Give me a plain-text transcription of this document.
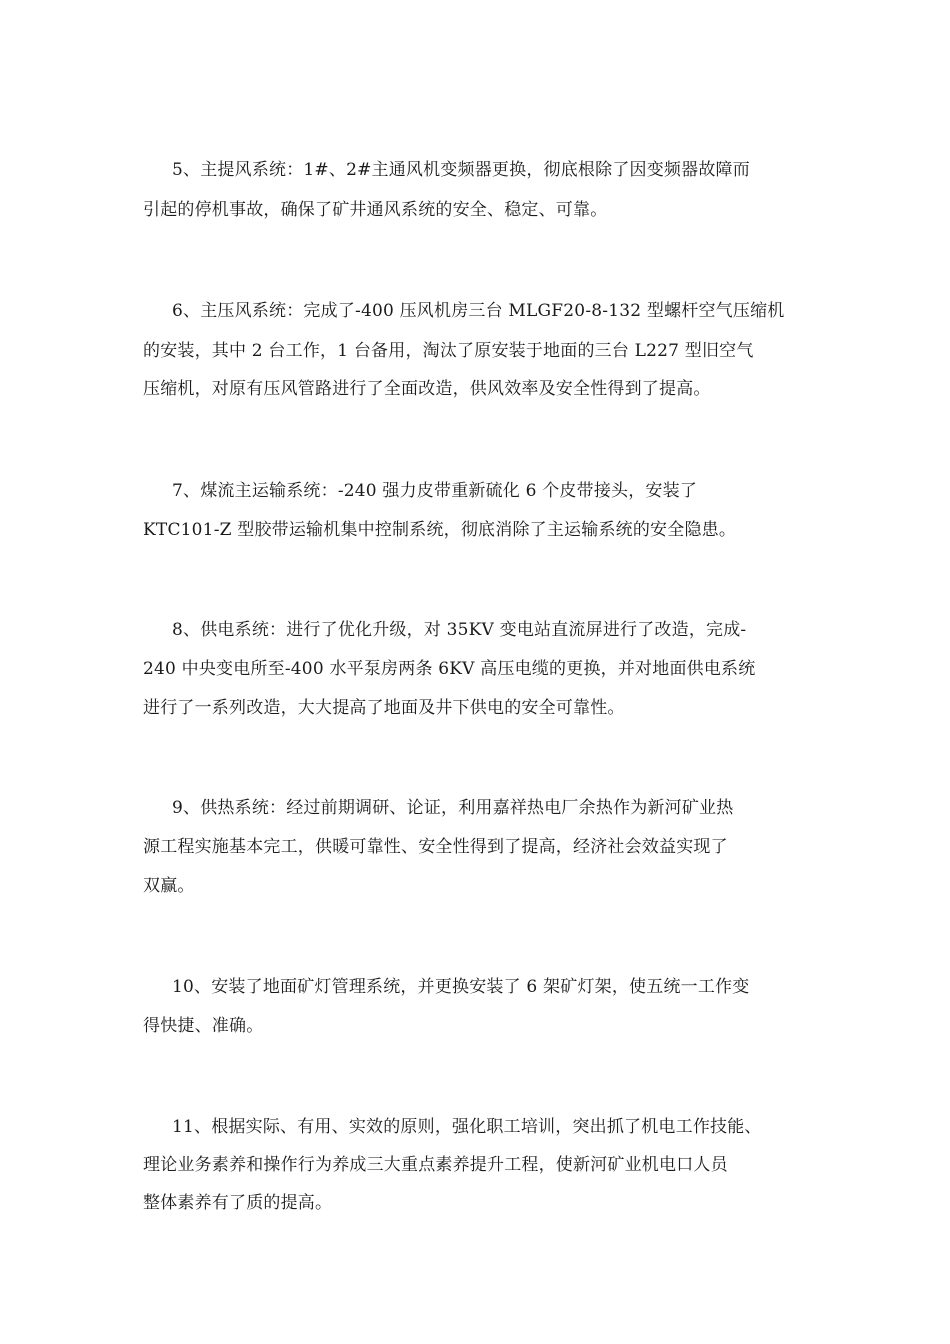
5、主提风系统：1#、2#主通风机变频器更换，彻底根除了因变频器故障而
引起的停机事故，确保了矿井通风系统的安全、稳定、可靠。
6、主压风系统：完成了-400 压风机房三台 MLGF20-8-132 型螺杆空气压缩机
的安装，其中 2 台工作，1 台备用，淘汰了原安装于地面的三台 L227 型旧空气
压缩机，对原有压风管路进行了全面改造，供风效率及安全性得到了提高。
7、煤流主运输系统：-240 强力皮带重新硫化 6 个皮带接头，安装了
KTC101-Z 型胶带运输机集中控制系统，彻底消除了主运输系统的安全隐患。
8、供电系统：进行了优化升级，对 35KV 变电站直流屏进行了改造，完成-
240 中央变电所至-400 水平泵房两条 6KV 高压电缆的更换，并对地面供电系统
进行了一系列改造，大大提高了地面及井下供电的安全可靠性。
9、供热系统：经过前期调研、论证，利用嘉祥热电厂余热作为新河矿业热
源工程实施基本完工，供暖可靠性、安全性得到了提高，经济社会效益实现了
双赢。
10、安装了地面矿灯管理系统，并更换安装了 6 架矿灯架，使五统一工作变
得快捷、准确。
11、根据实际、有用、实效的原则，强化职工培训，突出抓了机电工作技能、
理论业务素养和操作行为养成三大重点素养提升工程，使新河矿业机电口人员
整体素养有了质的提高。
